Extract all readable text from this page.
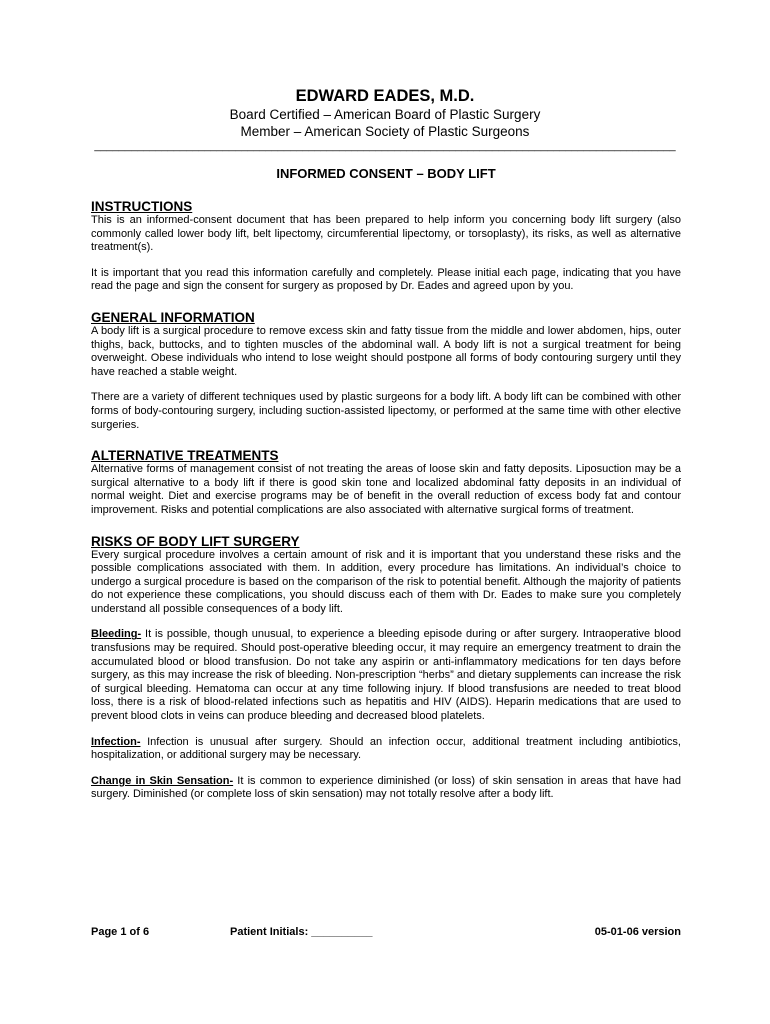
EDWARD EADES, M.D.
Board Certified – American Board of Plastic Surgery
Member – American Society of Plastic Surgeons
_______________________________________________________________________________________________
INFORMED CONSENT – BODY LIFT
INSTRUCTIONS

This is an informed-consent document that has been prepared to help inform you concerning body lift surgery (also commonly called lower body lift, belt lipectomy, circumferential lipectomy, or torsoplasty), its risks, as well as alternative treatment(s).

It is important that you read this information carefully and completely. Please initial each page, indicating that you have read the page and sign the consent for surgery as proposed by Dr. Eades and agreed upon by you.

GENERAL INFORMATION

A body lift is a surgical procedure to remove excess skin and fatty tissue from the middle and lower abdomen, hips, outer thighs, back, buttocks, and to tighten muscles of the abdominal wall. A body lift is not a surgical treatment for being overweight. Obese individuals who intend to lose weight should postpone all forms of body contouring surgery until they have reached a stable weight.

There are a variety of different techniques used by plastic surgeons for a body lift. A body lift can be combined with other forms of body-contouring surgery, including suction-assisted lipectomy, or performed at the same time with other elective surgeries.

ALTERNATIVE TREATMENTS

Alternative forms of management consist of not treating the areas of loose skin and fatty deposits. Liposuction may be a surgical alternative to a body lift if there is good skin tone and localized abdominal fatty deposits in an individual of normal weight. Diet and exercise programs may be of benefit in the overall reduction of excess body fat and contour improvement. Risks and potential complications are also associated with alternative surgical forms of treatment.

RISKS OF BODY LIFT SURGERY

Every surgical procedure involves a certain amount of risk and it is important that you understand these risks and the possible complications associated with them. In addition, every procedure has limitations. An individual’s choice to undergo a surgical procedure is based on the comparison of the risk to potential benefit. Although the majority of patients do not experience these complications, you should discuss each of them with Dr. Eades to make sure you completely understand all possible consequences of a body lift.

Bleeding- It is possible, though unusual, to experience a bleeding episode during or after surgery. Intraoperative blood transfusions may be required. Should post-operative bleeding occur, it may require an emergency treatment to drain the accumulated blood or blood transfusion. Do not take any aspirin or anti-inflammatory medications for ten days before surgery, as this may increase the risk of bleeding. Non-prescription “herbs” and dietary supplements can increase the risk of surgical bleeding. Hematoma can occur at any time following injury. If blood transfusions are needed to treat blood loss, there is a risk of blood-related infections such as hepatitis and HIV (AIDS). Heparin medications that are used to prevent blood clots in veins can produce bleeding and decreased blood platelets.

Infection- Infection is unusual after surgery. Should an infection occur, additional treatment including antibiotics, hospitalization, or additional surgery may be necessary.

Change in Skin Sensation- It is common to experience diminished (or loss) of skin sensation in areas that have had surgery. Diminished (or complete loss of skin sensation) may not totally resolve after a body lift.

Page 1 of 6	Patient Initials: __________	05-01-06 version
